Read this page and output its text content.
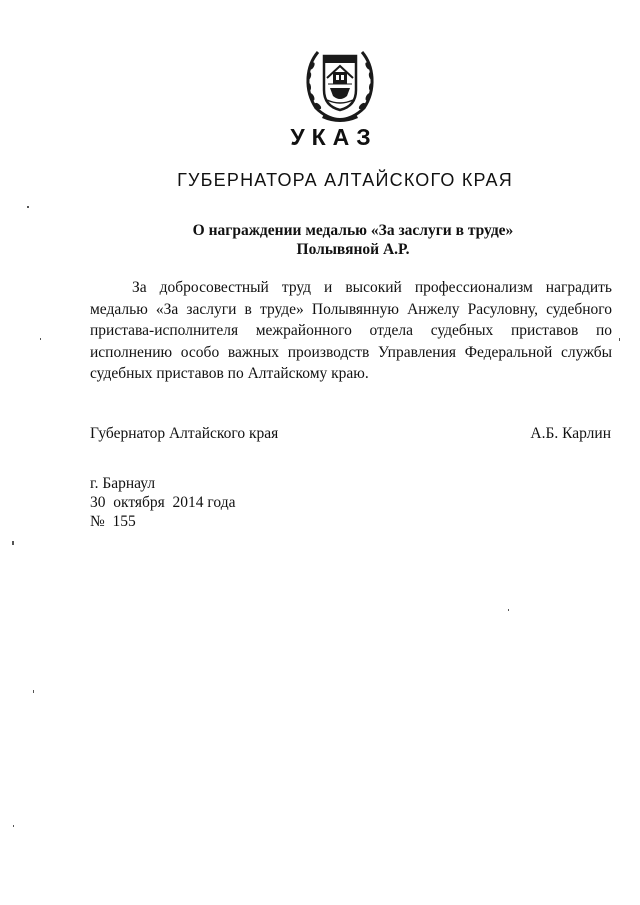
УКАЗ
ГУБЕРНАТОРА АЛТАЙСКОГО КРАЯ
О награждении медалью «За заслуги в труде»
Полывяной А.Р.

За добросовестный труд и высокий профессионализм наградить медалью «За заслуги в труде» Полывянную Анжелу Расуловну, судебного пристава-исполнителя межрайонного отдела судебных приставов по исполнению особо важных производств Управления Федеральной службы судебных приставов по Алтайскому краю.

Губернатор Алтайского края	А.Б. Карлин
г. Барнаул
30  октября  2014 года
№  155
